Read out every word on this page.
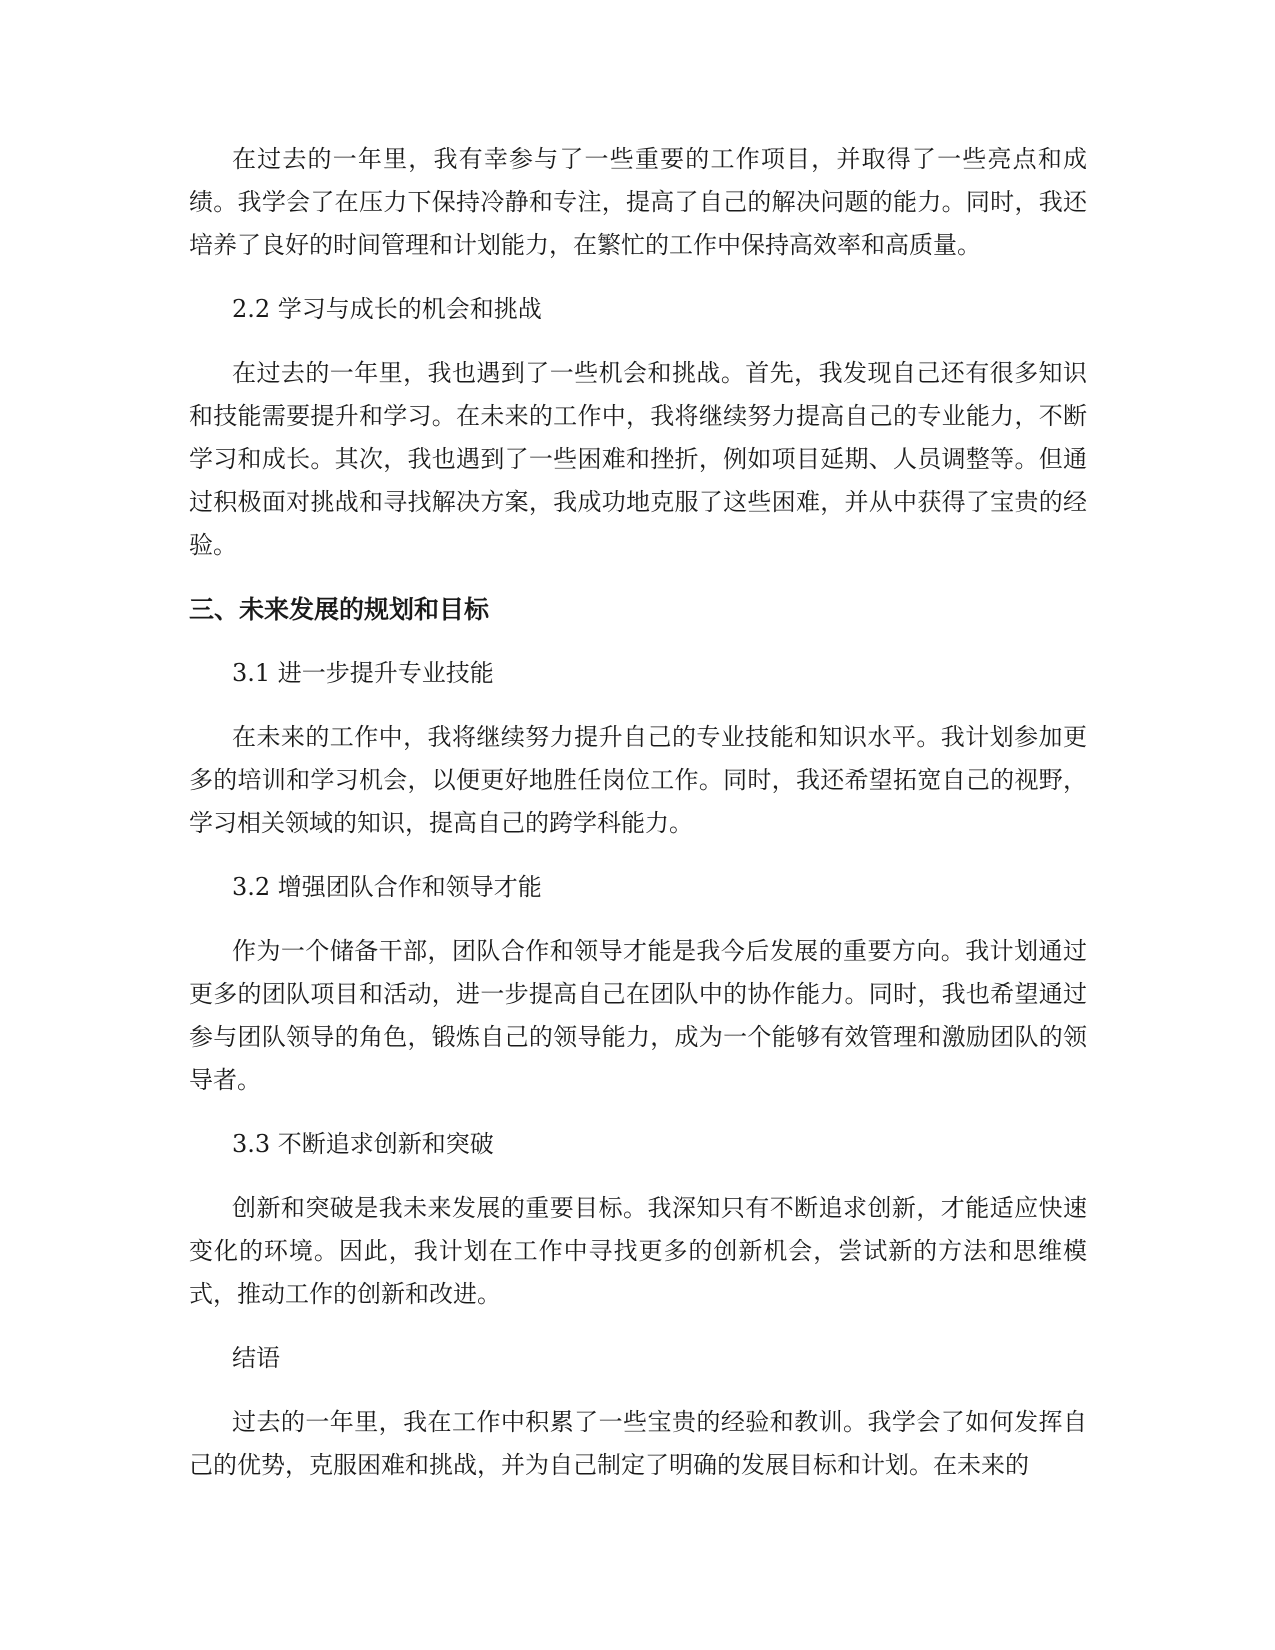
在过去的一年里，我有幸参与了一些重要的工作项目，并取得了一些亮点和成绩。我学会了在压力下保持冷静和专注，提高了自己的解决问题的能力。同时，我还培养了良好的时间管理和计划能力，在繁忙的工作中保持高效率和高质量。

2.2 学习与成长的机会和挑战

在过去的一年里，我也遇到了一些机会和挑战。首先，我发现自己还有很多知识和技能需要提升和学习。在未来的工作中，我将继续努力提高自己的专业能力，不断学习和成长。其次，我也遇到了一些困难和挫折，例如项目延期、人员调整等。但通过积极面对挑战和寻找解决方案，我成功地克服了这些困难，并从中获得了宝贵的经验。

三、未来发展的规划和目标

3.1 进一步提升专业技能

在未来的工作中，我将继续努力提升自己的专业技能和知识水平。我计划参加更多的培训和学习机会，以便更好地胜任岗位工作。同时，我还希望拓宽自己的视野，学习相关领域的知识，提高自己的跨学科能力。

3.2 增强团队合作和领导才能

作为一个储备干部，团队合作和领导才能是我今后发展的重要方向。我计划通过更多的团队项目和活动，进一步提高自己在团队中的协作能力。同时，我也希望通过参与团队领导的角色，锻炼自己的领导能力，成为一个能够有效管理和激励团队的领导者。

3.3 不断追求创新和突破

创新和突破是我未来发展的重要目标。我深知只有不断追求创新，才能适应快速变化的环境。因此，我计划在工作中寻找更多的创新机会，尝试新的方法和思维模式，推动工作的创新和改进。

结语

过去的一年里，我在工作中积累了一些宝贵的经验和教训。我学会了如何发挥自己的优势，克服困难和挑战，并为自己制定了明确的发展目标和计划。在未来的
